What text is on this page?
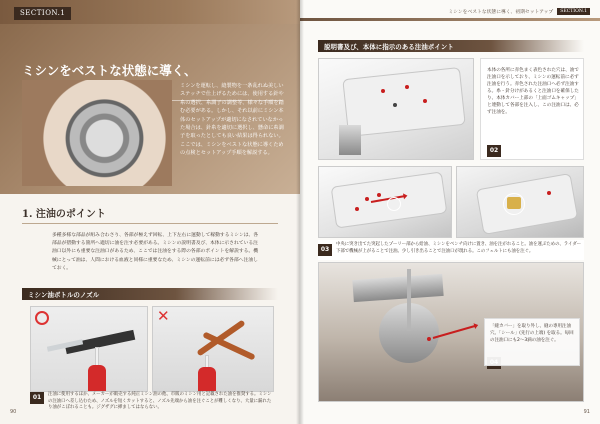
SECTION.1
ミシンをベストな状態に導く、
ミシンを運転し、縫製物を一条乱れぬ美しいステッチで仕上げるためには、使用する針や糸の選択、糸調子の調整等、様々な手順を踏む必要がある。しかし、それ以前にミシン本体のセットアップが適切になされていなかった場合は、針糸を適切に選択し、懸命に糸調子を取ったとしても良い結果は得られない。ここでは、ミシンをベストな状態に導くための点検とセットアップ手順を解説する。
1. 注油のポイント
多種多様な部品が組み合わさり、各部が極えず回転、上下左右に運動して稼動するミシンは、各部品が摺動する箇所へ適切に油を注す必要がある。ミシンの説明書及び、本体に示されている注油口以外にも重要な注油口があるため、ここでは注油をする際の各部のポイントを解説する。機械にとって油は、人間における血液と同様に重要なため、ミシンの運転前には必ず各部へ注油しておく。
ミシン油ボトルのノズル
✕
01	注油に使用するほか、メーカーが販売する純正ミシン油の他、市販のミシン用と記載された油を推奨する。ミシンの注油口へ差し込むため、ノズルを短くカットすると、ノズル先端から油を注ぐことが難しくなり、大量に漏れたり油がこぼれることも。ジグザグに挿ましてはならない。
90
ミシンをベストな状態に導く、初期セットアップ	SECTION.1
説明書及び、本体に指示のある注油ポイント
本体の各所に赤色まく表色された穴は、油で注油口を示しており、ミシンの運転前に必ず注油を行う。赤色された注油口へ必ず注油する。糸・針分けがあるくと注油口を確保したり、本体カバー上部の「上面ゴムキャップ」と連動して各部を注入し、この注油口は、必ず注油を。
02
03
中央に突き出てた突起したプーリー部から給油、ミシンをベンチ向けに置き、油を注がれること。油を運ぶための、ライダー下部で機械が上がることで注油。少し引き出ることで注油口が現れる。このフェルトにも油を注ぐ。
「縫カバー」を取り外し、縫の専用注油穴。「シール」(先行の上端) を取る。毎回の注油口にも2〜3滴の油を注ぐ。
91
